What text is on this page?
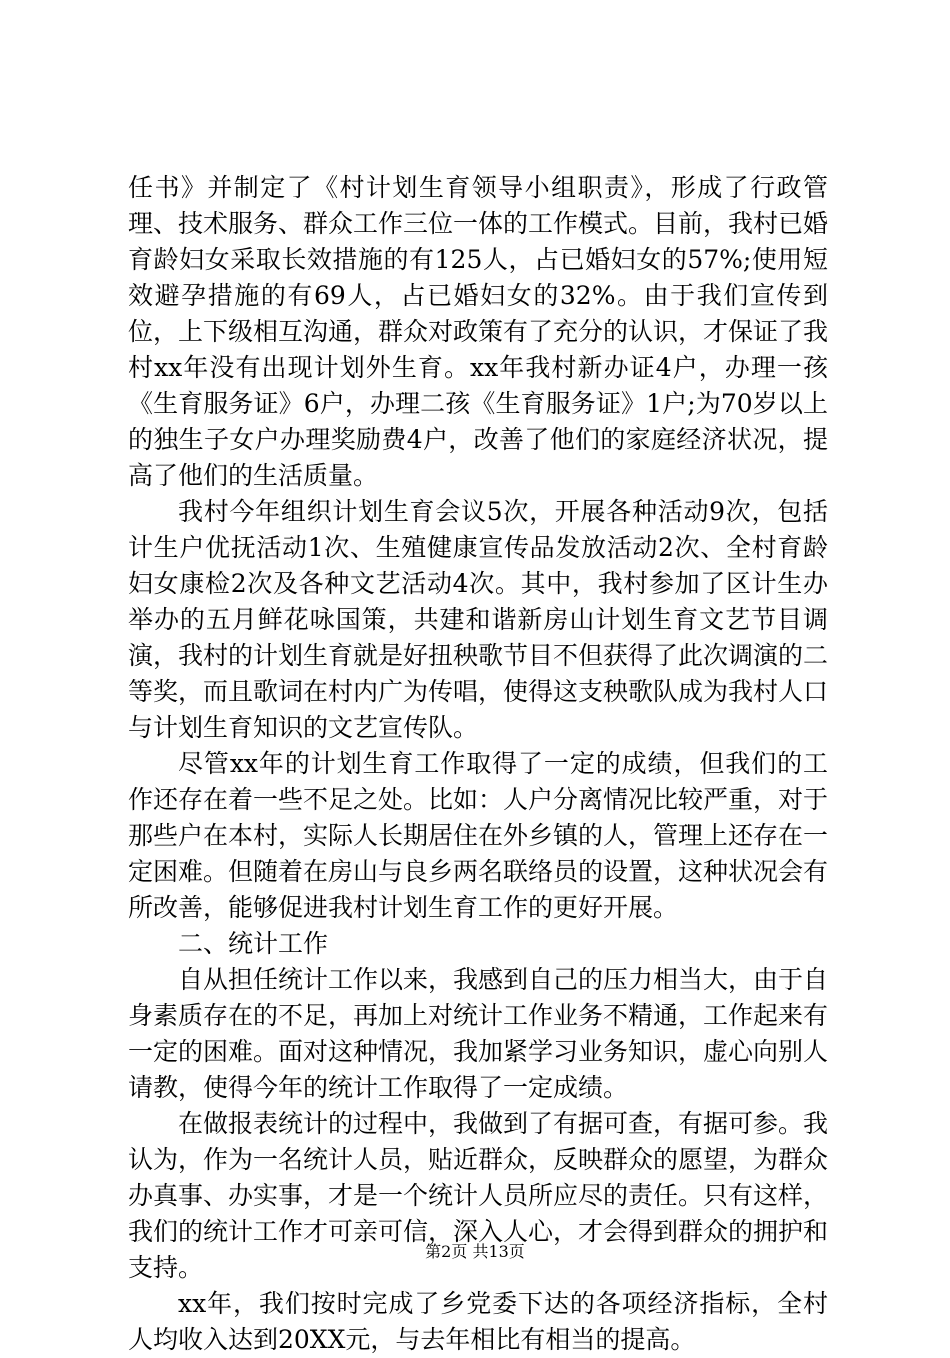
任书》并制定了《村计划生育领导小组职责》，形成了行政管理、技术服务、群众工作三位一体的工作模式。目前，我村已婚育龄妇女采取长效措施的有125人，占已婚妇女的57%;使用短效避孕措施的有69人，占已婚妇女的32%。由于我们宣传到位，上下级相互沟通，群众对政策有了充分的认识，才保证了我村xx年没有出现计划外生育。xx年我村新办证4户，办理一孩《生育服务证》6户，办理二孩《生育服务证》1户;为70岁以上的独生子女户办理奖励费4户，改善了他们的家庭经济状况，提高了他们的生活质量。

我村今年组织计划生育会议5次，开展各种活动9次，包括计生户优抚活动1次、生殖健康宣传品发放活动2次、全村育龄妇女康检2次及各种文艺活动4次。其中，我村参加了区计生办举办的五月鲜花咏国策，共建和谐新房山计划生育文艺节目调演，我村的计划生育就是好扭秧歌节目不但获得了此次调演的二等奖，而且歌词在村内广为传唱，使得这支秧歌队成为我村人口与计划生育知识的文艺宣传队。

尽管xx年的计划生育工作取得了一定的成绩，但我们的工作还存在着一些不足之处。比如：人户分离情况比较严重，对于那些户在本村，实际人长期居住在外乡镇的人，管理上还存在一定困难。但随着在房山与良乡两名联络员的设置，这种状况会有所改善，能够促进我村计划生育工作的更好开展。

二、统计工作

自从担任统计工作以来，我感到自己的压力相当大，由于自身素质存在的不足，再加上对统计工作业务不精通，工作起来有一定的困难。面对这种情况，我加紧学习业务知识，虚心向别人请教，使得今年的统计工作取得了一定成绩。

在做报表统计的过程中，我做到了有据可查，有据可参。我认为，作为一名统计人员，贴近群众，反映群众的愿望，为群众办真事、办实事，才是一个统计人员所应尽的责任。只有这样，我们的统计工作才可亲可信，深入人心，才会得到群众的拥护和支持。

xx年，我们按时完成了乡党委下达的各项经济指标，全村人均收入达到20XX元，与去年相比有相当的提高。

第2页 共13页
